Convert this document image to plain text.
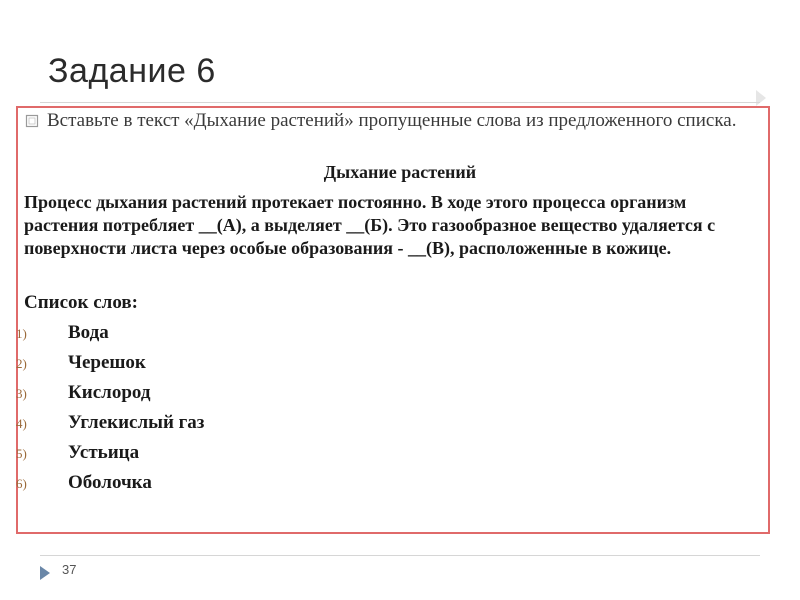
Задание 6
Вставьте в текст «Дыхание растений» пропущенные слова из предложенного списка.
Дыхание растений
Процесс дыхания растений протекает постоянно. В ходе этого процесса организм растения потребляет __(А), а выделяет __(Б). Это газообразное вещество удаляется с поверхности листа через особые образования - __(В), расположенные в кожице.
Список слов:
1) Вода
2) Черешок
3) Кислород
4) Углекислый газ
5) Устьица
6) Оболочка
37
